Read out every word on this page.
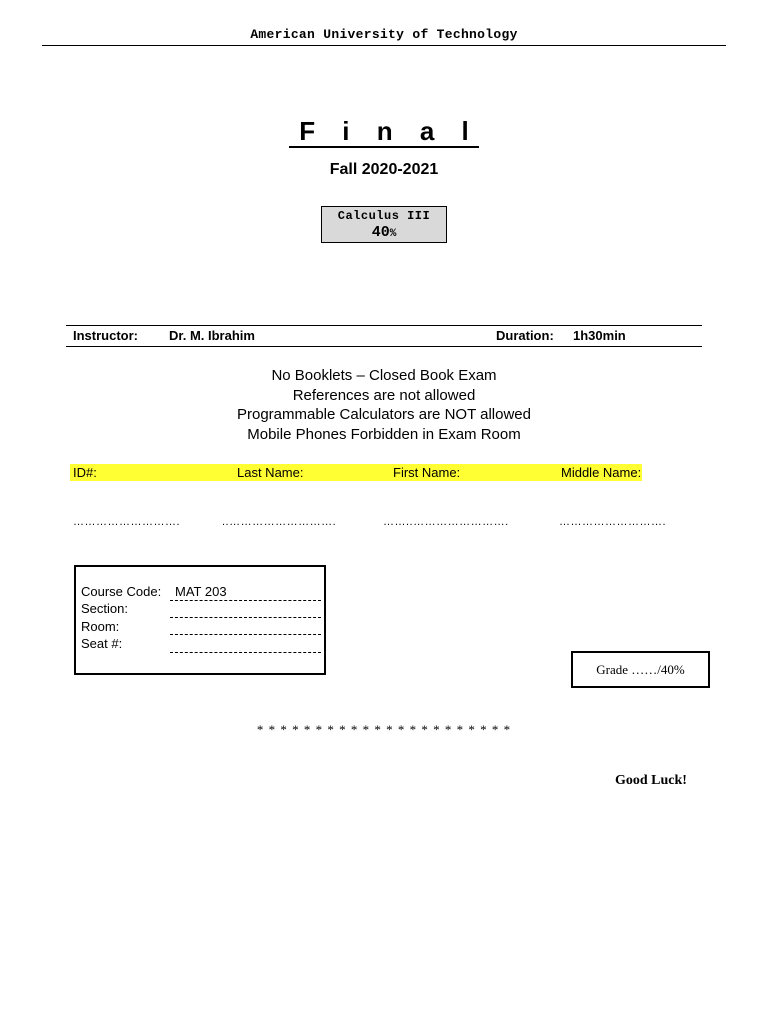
American University of Technology
F i n a l
Fall 2020-2021
Calculus III
40%
Instructor: Dr. M. Ibrahim	Duration: 1h30min
No Booklets – Closed Book Exam
References are not allowed
Programmable Calculators are NOT allowed
Mobile Phones Forbidden in Exam Room
ID#:	Last Name:	First Name:	Middle Name:
……………………….	..……………………….	……..…………………….	……………………….
Course Code: MAT 203
Section:
Room:
Seat #:
Grade ……/40%
* * * * * * * * * * * * * * * * * * * * * *
Good Luck!
